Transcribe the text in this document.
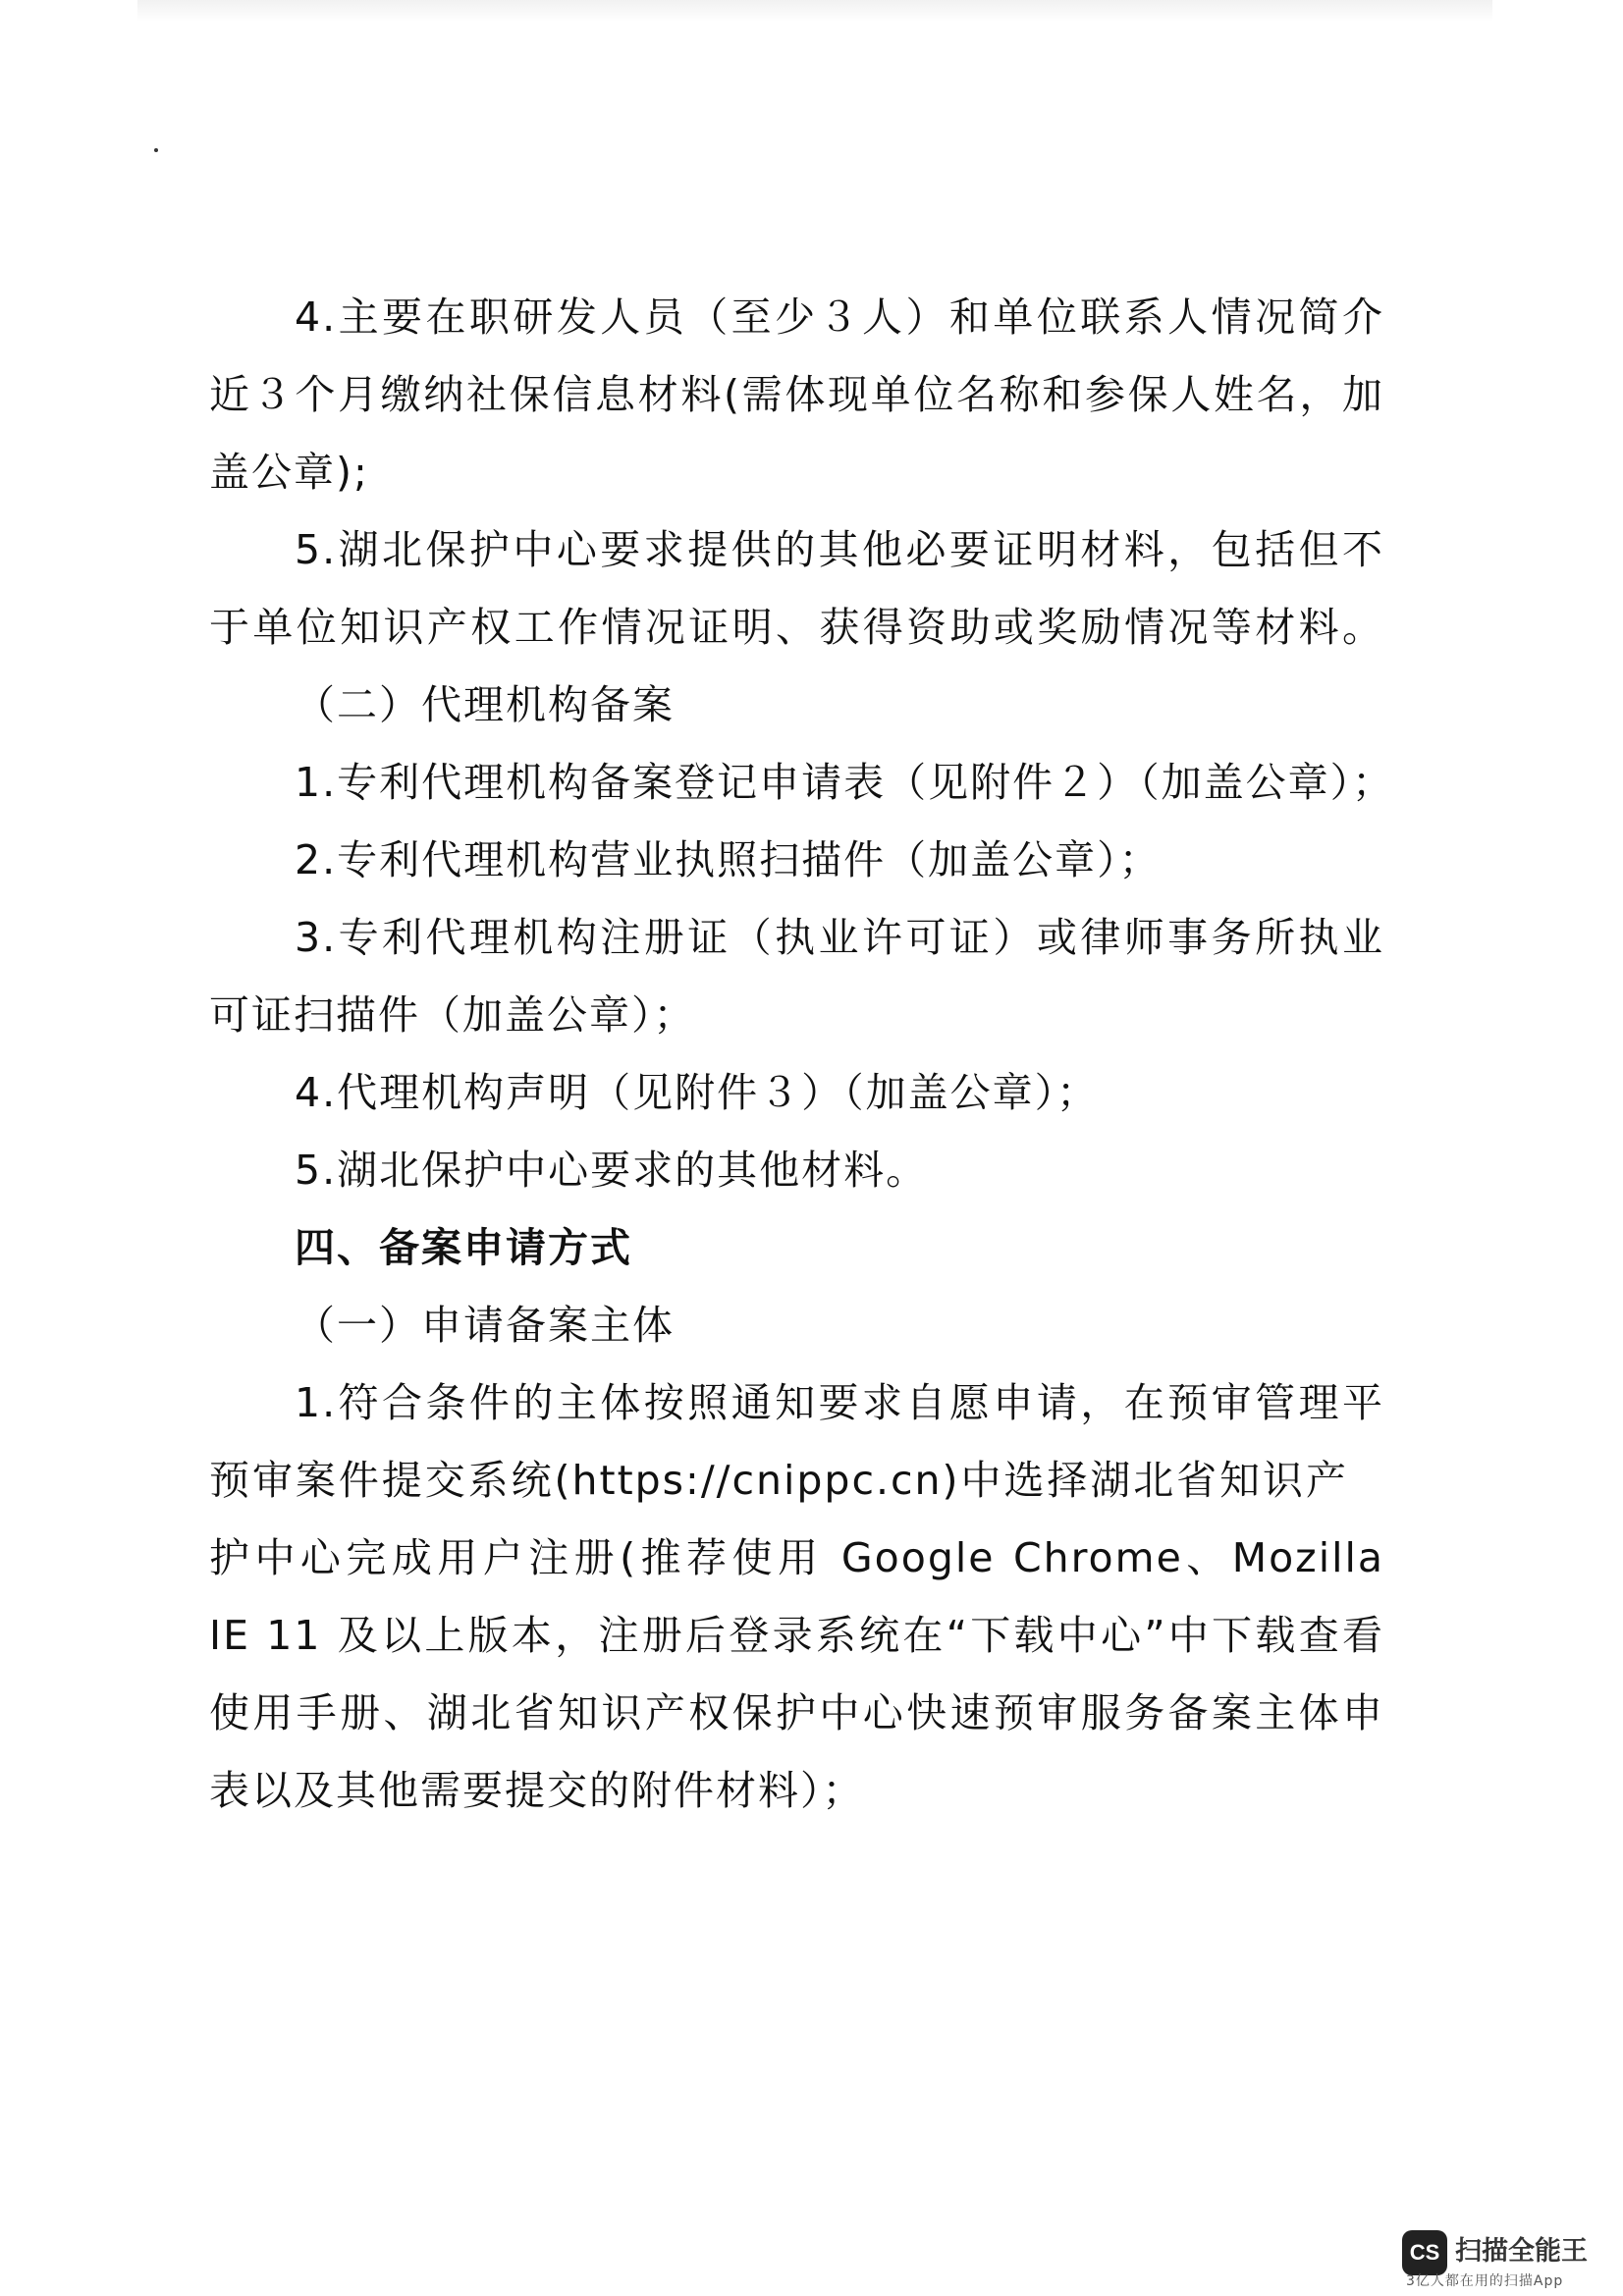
4.主要在职研发人员（至少３人）和单位联系人情况简介
近３个月缴纳社保信息材料(需体现单位名称和参保人姓名，加
盖公章);
5.湖北保护中心要求提供的其他必要证明材料，包括但不
于单位知识产权工作情况证明、获得资助或奖励情况等材料。
（二）代理机构备案
1.专利代理机构备案登记申请表（见附件２）（加盖公章）；
2.专利代理机构营业执照扫描件（加盖公章）；
3.专利代理机构注册证（执业许可证）或律师事务所执业
可证扫描件（加盖公章）；
4.代理机构声明（见附件３）（加盖公章）；
5.湖北保护中心要求的其他材料。
四、备案申请方式
（一）申请备案主体
1.符合条件的主体按照通知要求自愿申请，在预审管理平
预审案件提交系统(https://cnippc.cn)中选择湖北省知识产
护中心完成用户注册(推荐使用 Google Chrome、Mozilla
IE 11 及以上版本，注册后登录系统在“下载中心”中下载查看
使用手册、湖北省知识产权保护中心快速预审服务备案主体申
表以及其他需要提交的附件材料）；
CS 扫描全能王
3亿人都在用的扫描App
